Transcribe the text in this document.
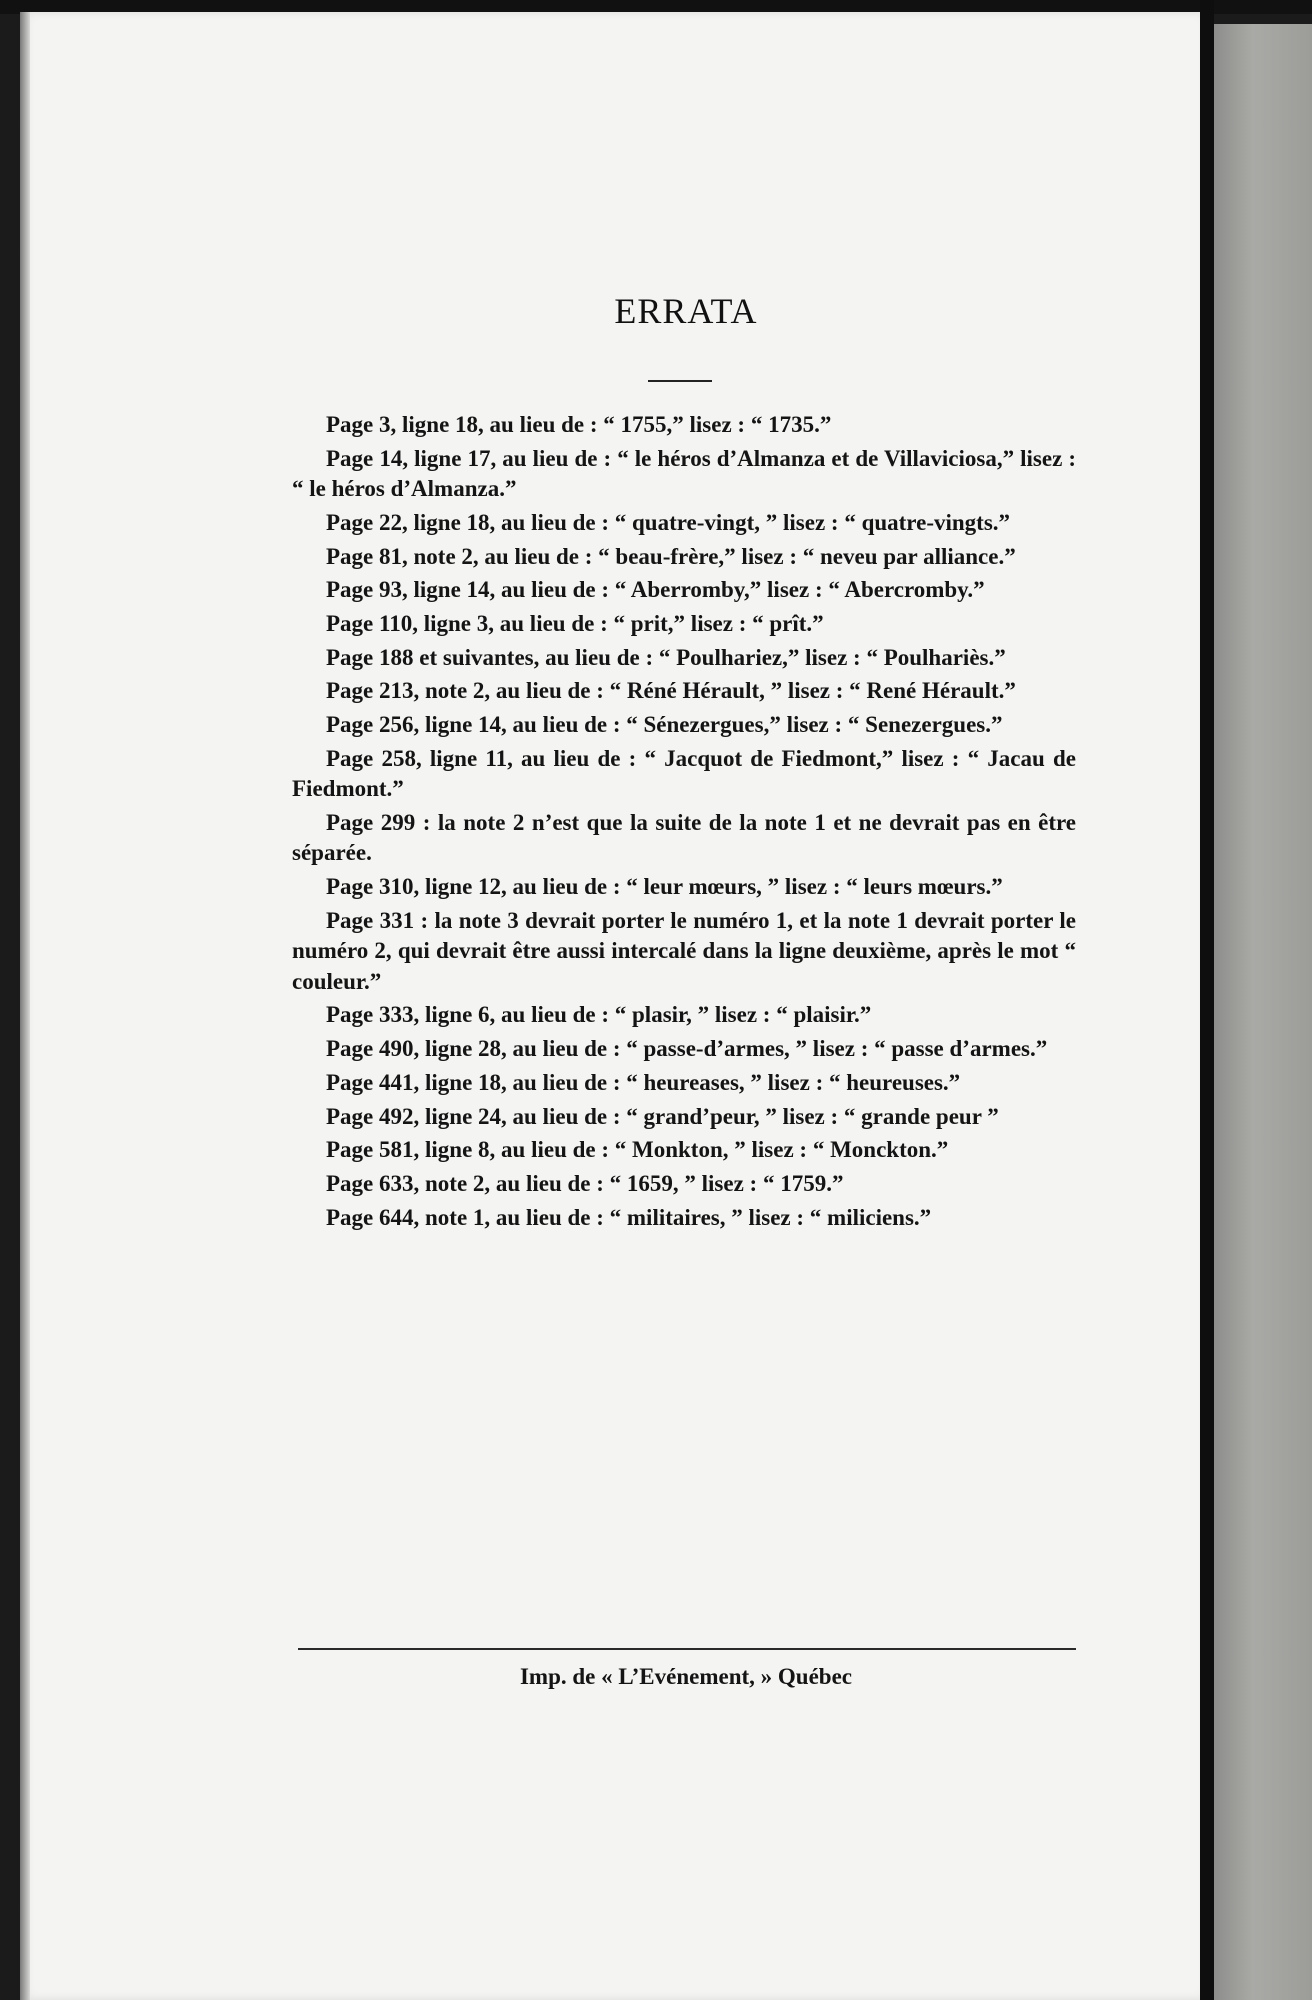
ERRATA

Page 3, ligne 18, au lieu de : “ 1755,” lisez : “ 1735.”

Page 14, ligne 17, au lieu de : “ le héros d’Almanza et de Villaviciosa,” lisez : “ le héros d’Almanza.”

Page 22, ligne 18, au lieu de : “ quatre-vingt, ” lisez : “ quatre-vingts.”

Page 81, note 2, au lieu de : “ beau-frère,” lisez : “ neveu par alliance.”

Page 93, ligne 14, au lieu de : “ Aberromby,” lisez : “ Abercromby.”

Page 110, ligne 3, au lieu de : “ prit,” lisez : “ prît.”

Page 188 et suivantes, au lieu de : “ Poulhariez,” lisez : “ Poulhariès.”

Page 213, note 2, au lieu de : “ Réné Hérault, ” lisez : “ René Hérault.”

Page 256, ligne 14, au lieu de : “ Sénezergues,” lisez : “ Senezergues.”

Page 258, ligne 11, au lieu de : “ Jacquot de Fiedmont,” lisez : “ Jacau de Fiedmont.”

Page 299 : la note 2 n’est que la suite de la note 1 et ne devrait pas en être séparée.

Page 310, ligne 12, au lieu de : “ leur mœurs, ” lisez : “ leurs mœurs.”

Page 331 : la note 3 devrait porter le numéro 1, et la note 1 devrait porter le numéro 2, qui devrait être aussi intercalé dans la ligne deuxième, après le mot “ couleur.”

Page 333, ligne 6, au lieu de : “ plasir, ” lisez : “ plaisir.”

Page 490, ligne 28, au lieu de : “ passe-d’armes, ” lisez : “ passe d’armes.”

Page 441, ligne 18, au lieu de : “ heureases, ” lisez : “ heureuses.”

Page 492, ligne 24, au lieu de : “ grand’peur, ” lisez : “ grande peur ”

Page 581, ligne 8, au lieu de : “ Monkton, ” lisez : “ Monckton.”

Page 633, note 2, au lieu de : “ 1659, ” lisez : “ 1759.”

Page 644, note 1, au lieu de : “ militaires, ” lisez : “ miliciens.”

Imp. de « L’Evénement, » Québec
